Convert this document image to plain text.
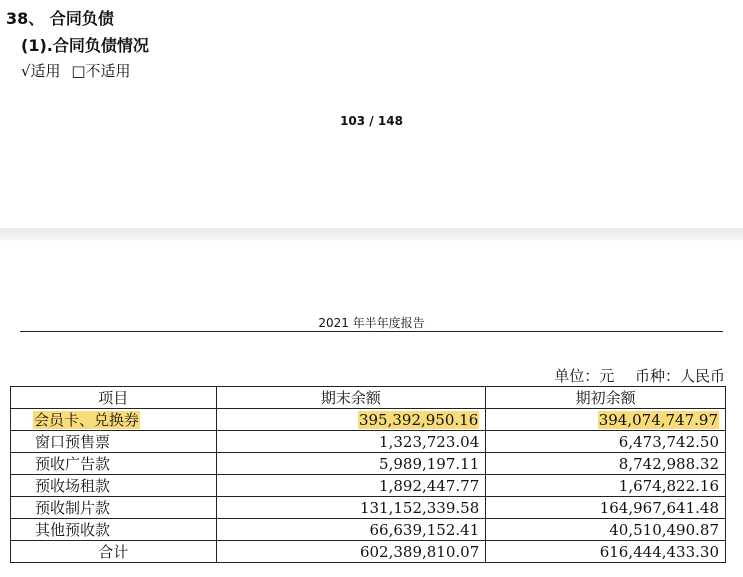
38、 合同负债
(1).合同负债情况
√适用 □不适用
103 / 148
2021 年半年度报告
单位：元 币种：人民币
项目	期末余额	期初余额
会员卡、兑换券	395,392,950.16	394,074,747.97
窗口预售票	1,323,723.04	6,473,742.50
预收广告款	5,989,197.11	8,742,988.32
预收场租款	1,892,447.77	1,674,822.16
预收制片款	131,152,339.58	164,967,641.48
其他预收款	66,639,152.41	40,510,490.87
合计	602,389,810.07	616,444,433.30
